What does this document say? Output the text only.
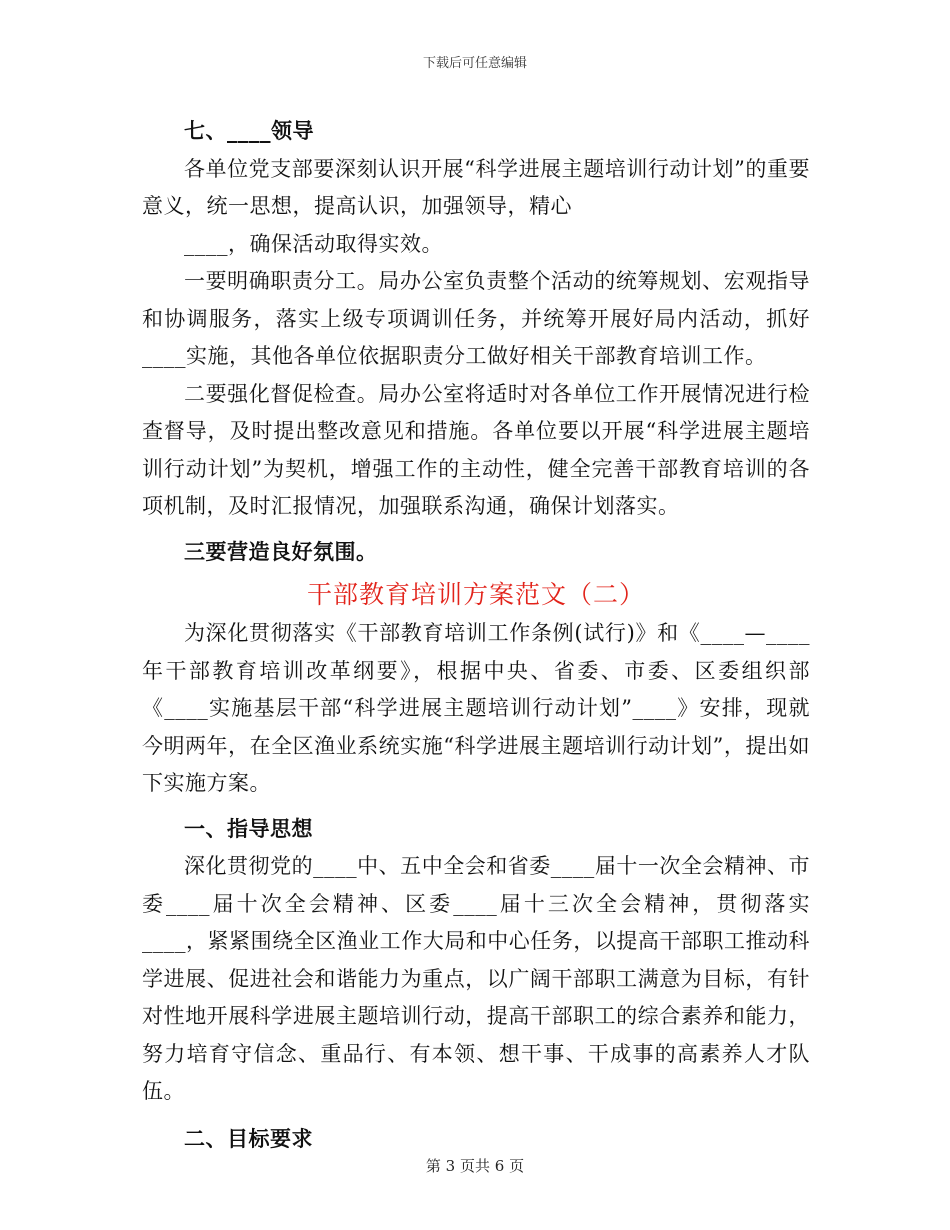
下载后可任意编辑

七、____领导

各单位党支部要深刻认识开展“科学进展主题培训行动计划”的重要意义，统一思想，提高认识，加强领导，精心

____，确保活动取得实效。

一要明确职责分工。局办公室负责整个活动的统筹规划、宏观指导和协调服务，落实上级专项调训任务，并统筹开展好局内活动，抓好____实施，其他各单位依据职责分工做好相关干部教育培训工作。

二要强化督促检查。局办公室将适时对各单位工作开展情况进行检查督导，及时提出整改意见和措施。各单位要以开展“科学进展主题培训行动计划”为契机，增强工作的主动性，健全完善干部教育培训的各项机制，及时汇报情况，加强联系沟通，确保计划落实。

三要营造良好氛围。

干部教育培训方案范文（二）

为深化贯彻落实《干部教育培训工作条例(试行)》和《____—____年干部教育培训改革纲要》，根据中央、省委、市委、区委组织部《____实施基层干部“科学进展主题培训行动计划”____》安排，现就今明两年，在全区渔业系统实施“科学进展主题培训行动计划”，提出如下实施方案。

一、指导思想

深化贯彻党的____中、五中全会和省委____届十一次全会精神、市委____届十次全会精神、区委____届十三次全会精神，贯彻落实____，紧紧围绕全区渔业工作大局和中心任务，以提高干部职工推动科学进展、促进社会和谐能力为重点，以广阔干部职工满意为目标，有针对性地开展科学进展主题培训行动，提高干部职工的综合素养和能力，努力培育守信念、重品行、有本领、想干事、干成事的高素养人才队伍。

二、目标要求

第 3 页共 6 页
